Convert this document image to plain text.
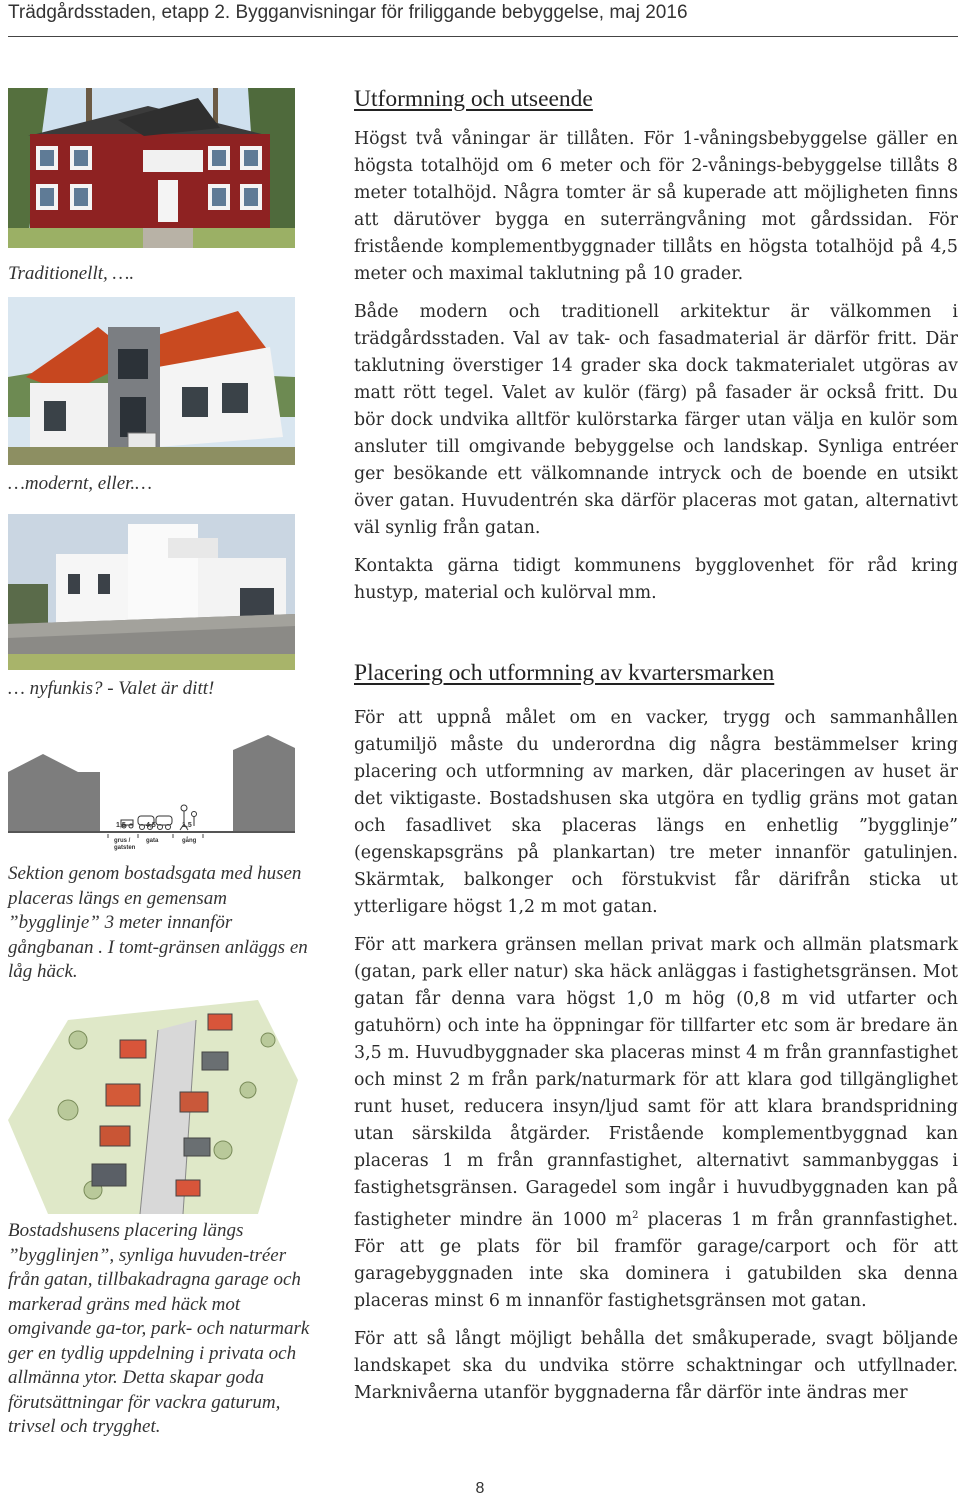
Trädgårdsstaden, etapp 2. Bygganvisningar för friliggande bebyggelse, maj 2016
Traditionellt, ….
…modernt, eller.…
… nyfunkis? - Valet är ditt!
1,5	4,5	1,5
grus / gatsten
gata	gång
Sektion genom bostadsgata med husen placeras längs en gemensam ”bygglinje” 3 meter innanför gångbanan . I tomt-gränsen anläggs en låg häck.
Bostadshusens placering längs ”bygglinjen”, synliga huvuden-tréer från gatan, tillbakadragna garage och markerad gräns med häck mot omgivande ga-tor, park- och naturmark ger en tydlig uppdelning i privata och allmänna ytor. Detta skapar goda förutsättningar för vackra gaturum, trivsel och trygghet.
Utformning och utseende

Högst två våningar är tillåten. För 1-våningsbebyggelse gäller en högsta totalhöjd om 6 meter och för 2-vånings-bebyggelse tillåts 8 meter totalhöjd. Några tomter är så kuperade att möjligheten finns att därutöver bygga en suterrängvåning mot gårdssidan. För fristående komplementbyggnader tillåts en högsta totalhöjd på 4,5 meter och maximal taklutning på 10 grader.

Både modern och traditionell arkitektur är välkommen i trädgårdsstaden. Val av tak- och fasadmaterial är därför fritt. Där taklutning överstiger 14 grader ska dock takmaterialet utgöras av matt rött tegel. Valet av kulör (färg) på fasader är också fritt. Du bör dock undvika alltför kulörstarka färger utan välja en kulör som ansluter till omgivande bebyggelse och landskap. Synliga entréer ger besökande ett välkomnande intryck och de boende en utsikt över gatan. Huvudentrén ska därför placeras mot gatan, alternativt väl synlig från gatan.

Kontakta gärna tidigt kommunens bygglovenhet för råd kring hustyp, material och kulörval mm.

Placering och utformning av kvartersmarken

För att uppnå målet om en vacker, trygg och sammanhållen gatumiljö måste du underordna dig några bestämmelser kring placering och utformning av marken, där placeringen av huset är det viktigaste. Bostadshusen ska utgöra en tydlig gräns mot gatan och fasadlivet ska placeras längs en enhetlig ”bygglinje” (egenskapsgräns på plankartan) tre meter innanför gatulinjen. Skärmtak, balkonger och förstukvist får därifrån sticka ut ytterligare högst 1,2 m mot gatan.

För att markera gränsen mellan privat mark och allmän platsmark (gatan, park eller natur) ska häck anläggas i fastighetsgränsen. Mot gatan får denna vara högst 1,0 m hög (0,8 m vid utfarter och gatuhörn) och inte ha öppningar för tillfarter etc som är bredare än 3,5 m. Huvudbyggnader ska placeras minst 4 m från grannfastighet och minst 2 m från park/naturmark för att klara god tillgänglighet runt huset, reducera insyn/ljud samt för att klara brandspridning utan särskilda åtgärder. Fristående komplementbyggnad kan placeras 1 m från grannfastighet, alternativt sammanbyggas i fastighetsgränsen. Garagedel som ingår i huvudbyggnaden kan på fastigheter mindre än 1000 $m^2$ placeras 1 m från grannfastighet. För att ge plats för bil framför garage/carport och för att garagebyggnaden inte ska dominera i gatubilden ska denna placeras minst 6 m innanför fastighetsgränsen mot gatan.

För att så långt möjligt behålla det småkuperade, svagt böljande landskapet ska du undvika större schaktningar och utfyllnader. Marknivåerna utanför byggnaderna får därför inte ändras mer

8
